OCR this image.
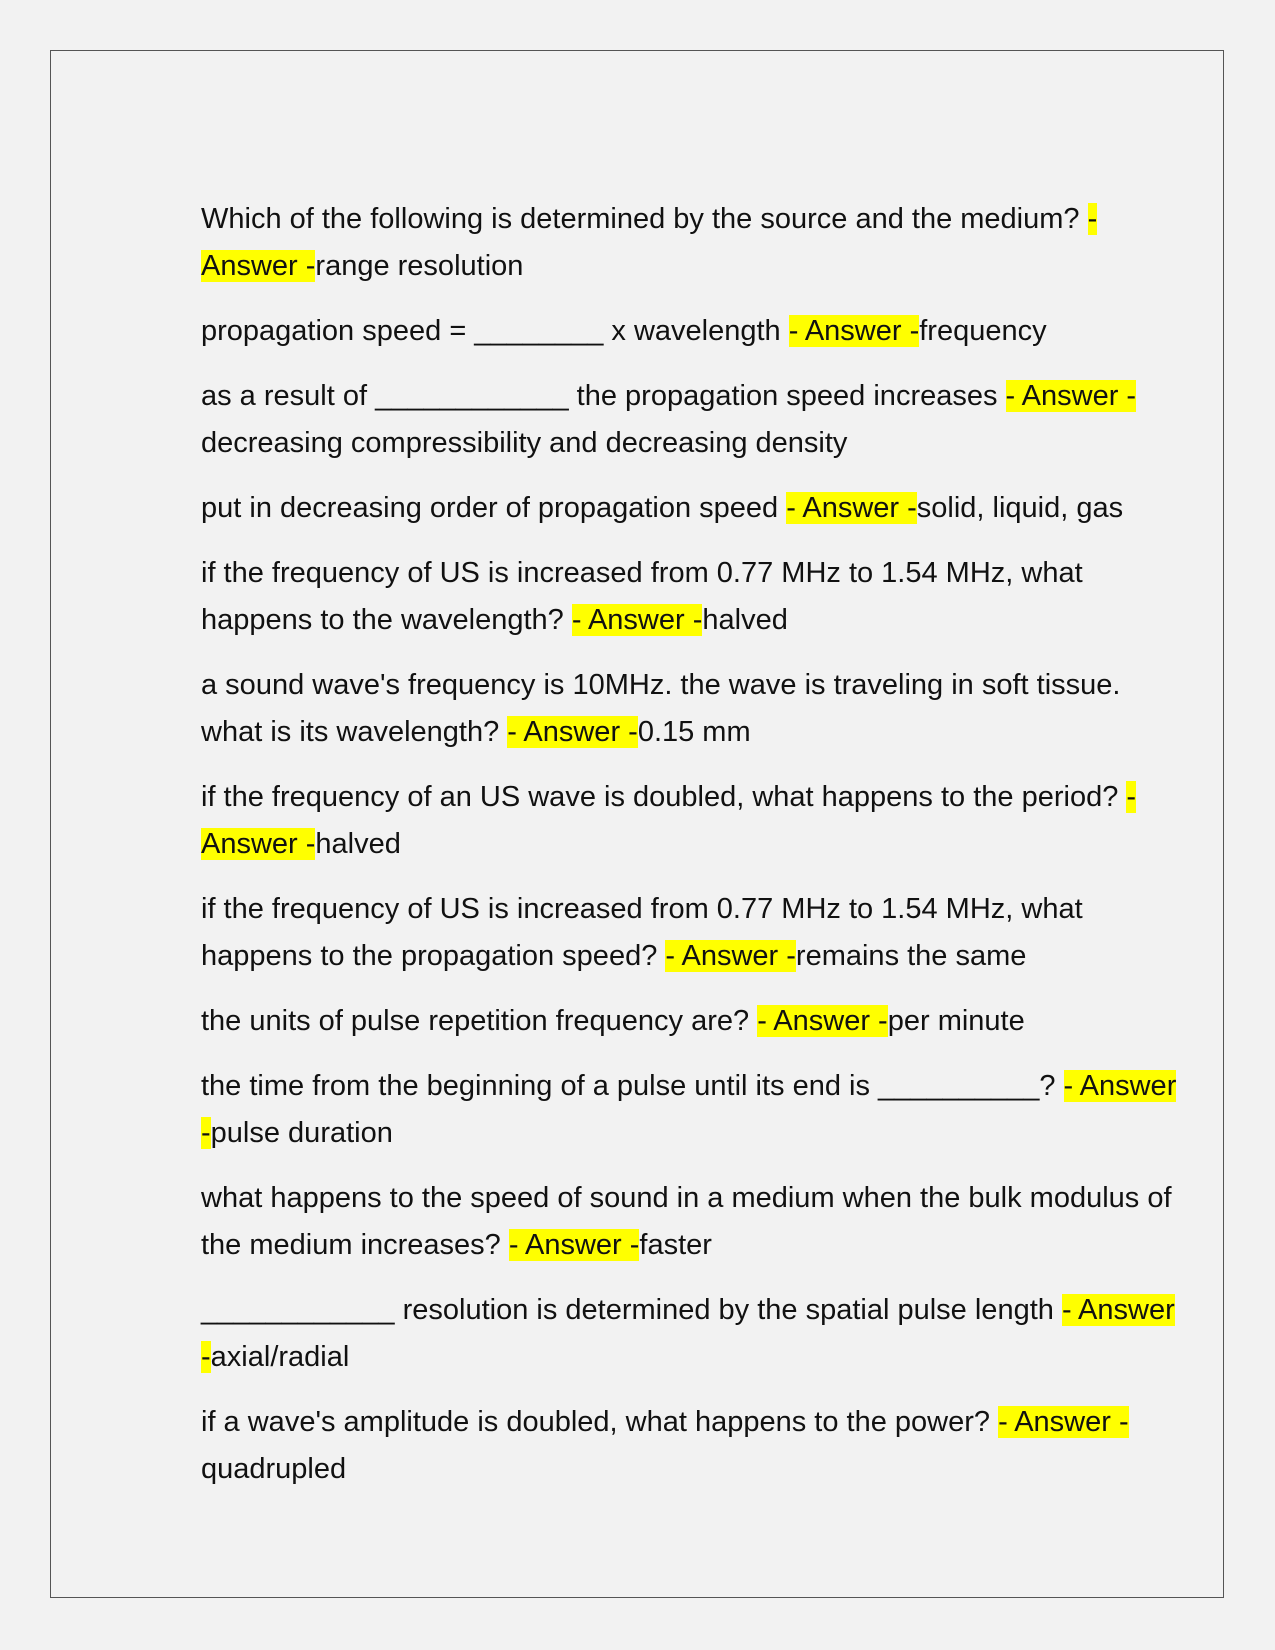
Which of the following is determined by the source and the medium? - Answer -range resolution

propagation speed = ________ x wavelength - Answer -frequency

as a result of ____________ the propagation speed increases - Answer -decreasing compressibility and decreasing density

put in decreasing order of propagation speed - Answer -solid, liquid, gas

if the frequency of US is increased from 0.77 MHz to 1.54 MHz, what happens to the wavelength? - Answer -halved

a sound wave's frequency is 10MHz. the wave is traveling in soft tissue. what is its wavelength? - Answer -0.15 mm

if the frequency of an US wave is doubled, what happens to the period? - Answer -halved

if the frequency of US is increased from 0.77 MHz to 1.54 MHz, what happens to the propagation speed? - Answer -remains the same

the units of pulse repetition frequency are? - Answer -per minute

the time from the beginning of a pulse until its end is __________? - Answer -pulse duration

what happens to the speed of sound in a medium when the bulk modulus of the medium increases? - Answer -faster

____________ resolution is determined by the spatial pulse length - Answer -axial/radial

if a wave's amplitude is doubled, what happens to the power? - Answer -quadrupled
